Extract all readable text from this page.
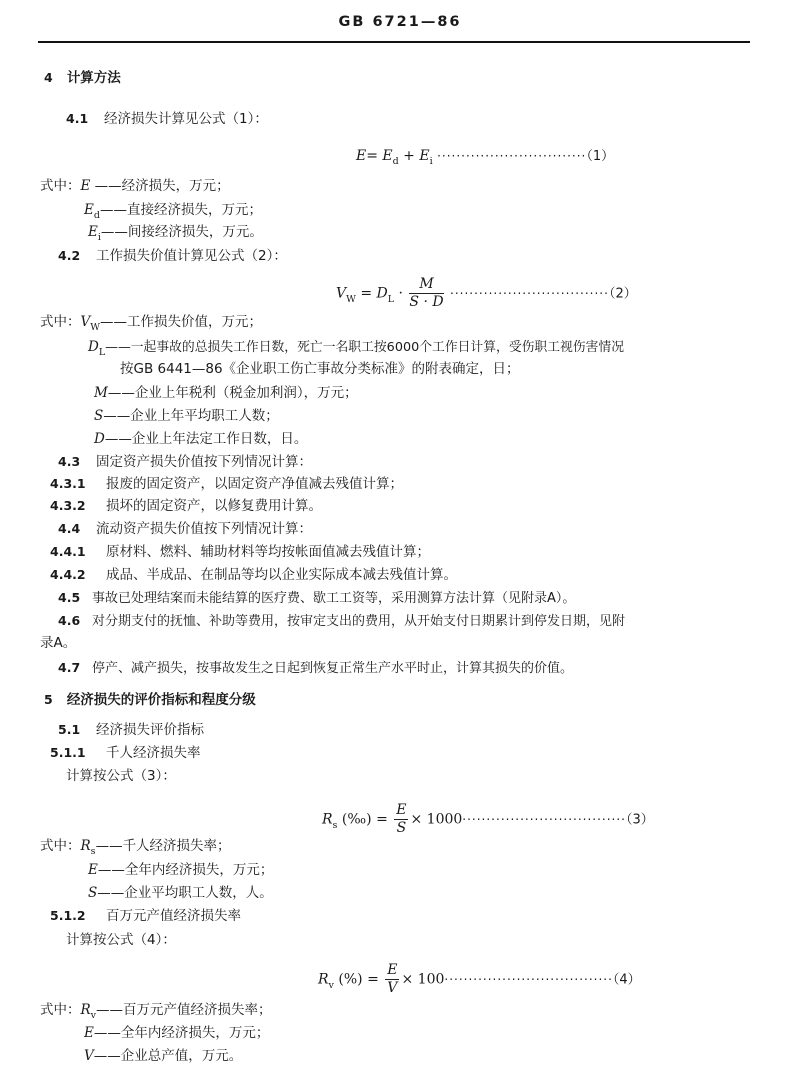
GB 6721—86
4 计算方法
4.1 经济损失计算见公式（1）：
$E= E_d + E_i \cdot\cdot\cdot\cdot\cdot\cdot\cdot\cdot\cdot\cdot\cdot\cdot\cdot\cdot\cdot\cdot\cdot\cdot\cdot\cdot\cdot\cdot\cdot\cdot\cdot\cdot\cdot\cdot\cdot\cdot\cdot(1)$
式中：E ——经济损失，万元；
$E_d——$直接经济损失，万元；
$E_i——$间接经济损失，万元。
4.2 工作损失价值计算见公式（2）：
$V_W = D_L \cdot \frac{M}{S \cdot D} \cdot\cdot\cdot\cdot\cdot\cdot\cdot\cdot\cdot\cdot\cdot\cdot\cdot\cdot\cdot\cdot\cdot\cdot\cdot\cdot\cdot\cdot\cdot\cdot\cdot\cdot\cdot\cdot\cdot\cdot\cdot\cdot\cdot(2)$
式中：$V_W——$工作损失价值，万元；
$D_L——$一起事故的总损失工作日数，死亡一名职工按6000个工作日计算，受伤职工视伤害情况
按GB 6441—86《企业职工伤亡事故分类标准》的附表确定，日；
M——企业上年税利（税金加利润），万元；
S——企业上年平均职工人数；
D——企业上年法定工作日数，日。
4.3 固定资产损失价值按下列情况计算：
4.3.1 报废的固定资产，以固定资产净值减去残值计算；
4.3.2 损坏的固定资产，以修复费用计算。
4.4 流动资产损失价值按下列情况计算：
4.4.1 原材料、燃料、辅助材料等均按帐面值减去残值计算；
4.4.2 成品、半成品、在制品等均以企业实际成本减去残值计算。
4.5 事故已处理结案而未能结算的医疗费、歇工工资等，采用测算方法计算（见附录A）。
4.6 对分期支付的抚恤、补助等费用，按审定支出的费用，从开始支付日期累计到停发日期，见附
录A。
4.7 停产、减产损失，按事故发生之日起到恢复正常生产水平时止，计算其损失的价值。
5 经济损失的评价指标和程度分级
5.1 经济损失评价指标
5.1.1 千人经济损失率
计算按公式（3）：
$R_s$ (‰) = $\frac{E}{S} \times 1000\cdot\cdot\cdot\cdot\cdot\cdot\cdot\cdot\cdot\cdot\cdot\cdot\cdot\cdot\cdot\cdot\cdot\cdot\cdot\cdot\cdot\cdot\cdot\cdot\cdot\cdot\cdot\cdot\cdot\cdot\cdot\cdot\cdot\cdot(3)$
式中：$R_s——$千人经济损失率；
E——全年内经济损失，万元；
S——企业平均职工人数，人。
5.1.2 百万元产值经济损失率
计算按公式（4）：
$R_v$ (%) = $\frac{E}{V} \times 100\cdot\cdot\cdot\cdot\cdot\cdot\cdot\cdot\cdot\cdot\cdot\cdot\cdot\cdot\cdot\cdot\cdot\cdot\cdot\cdot\cdot\cdot\cdot\cdot\cdot\cdot\cdot\cdot\cdot\cdot\cdot\cdot\cdot\cdot\cdot(4)$
式中：$R_v——$百万元产值经济损失率；
E——全年内经济损失，万元；
V——企业总产值，万元。
